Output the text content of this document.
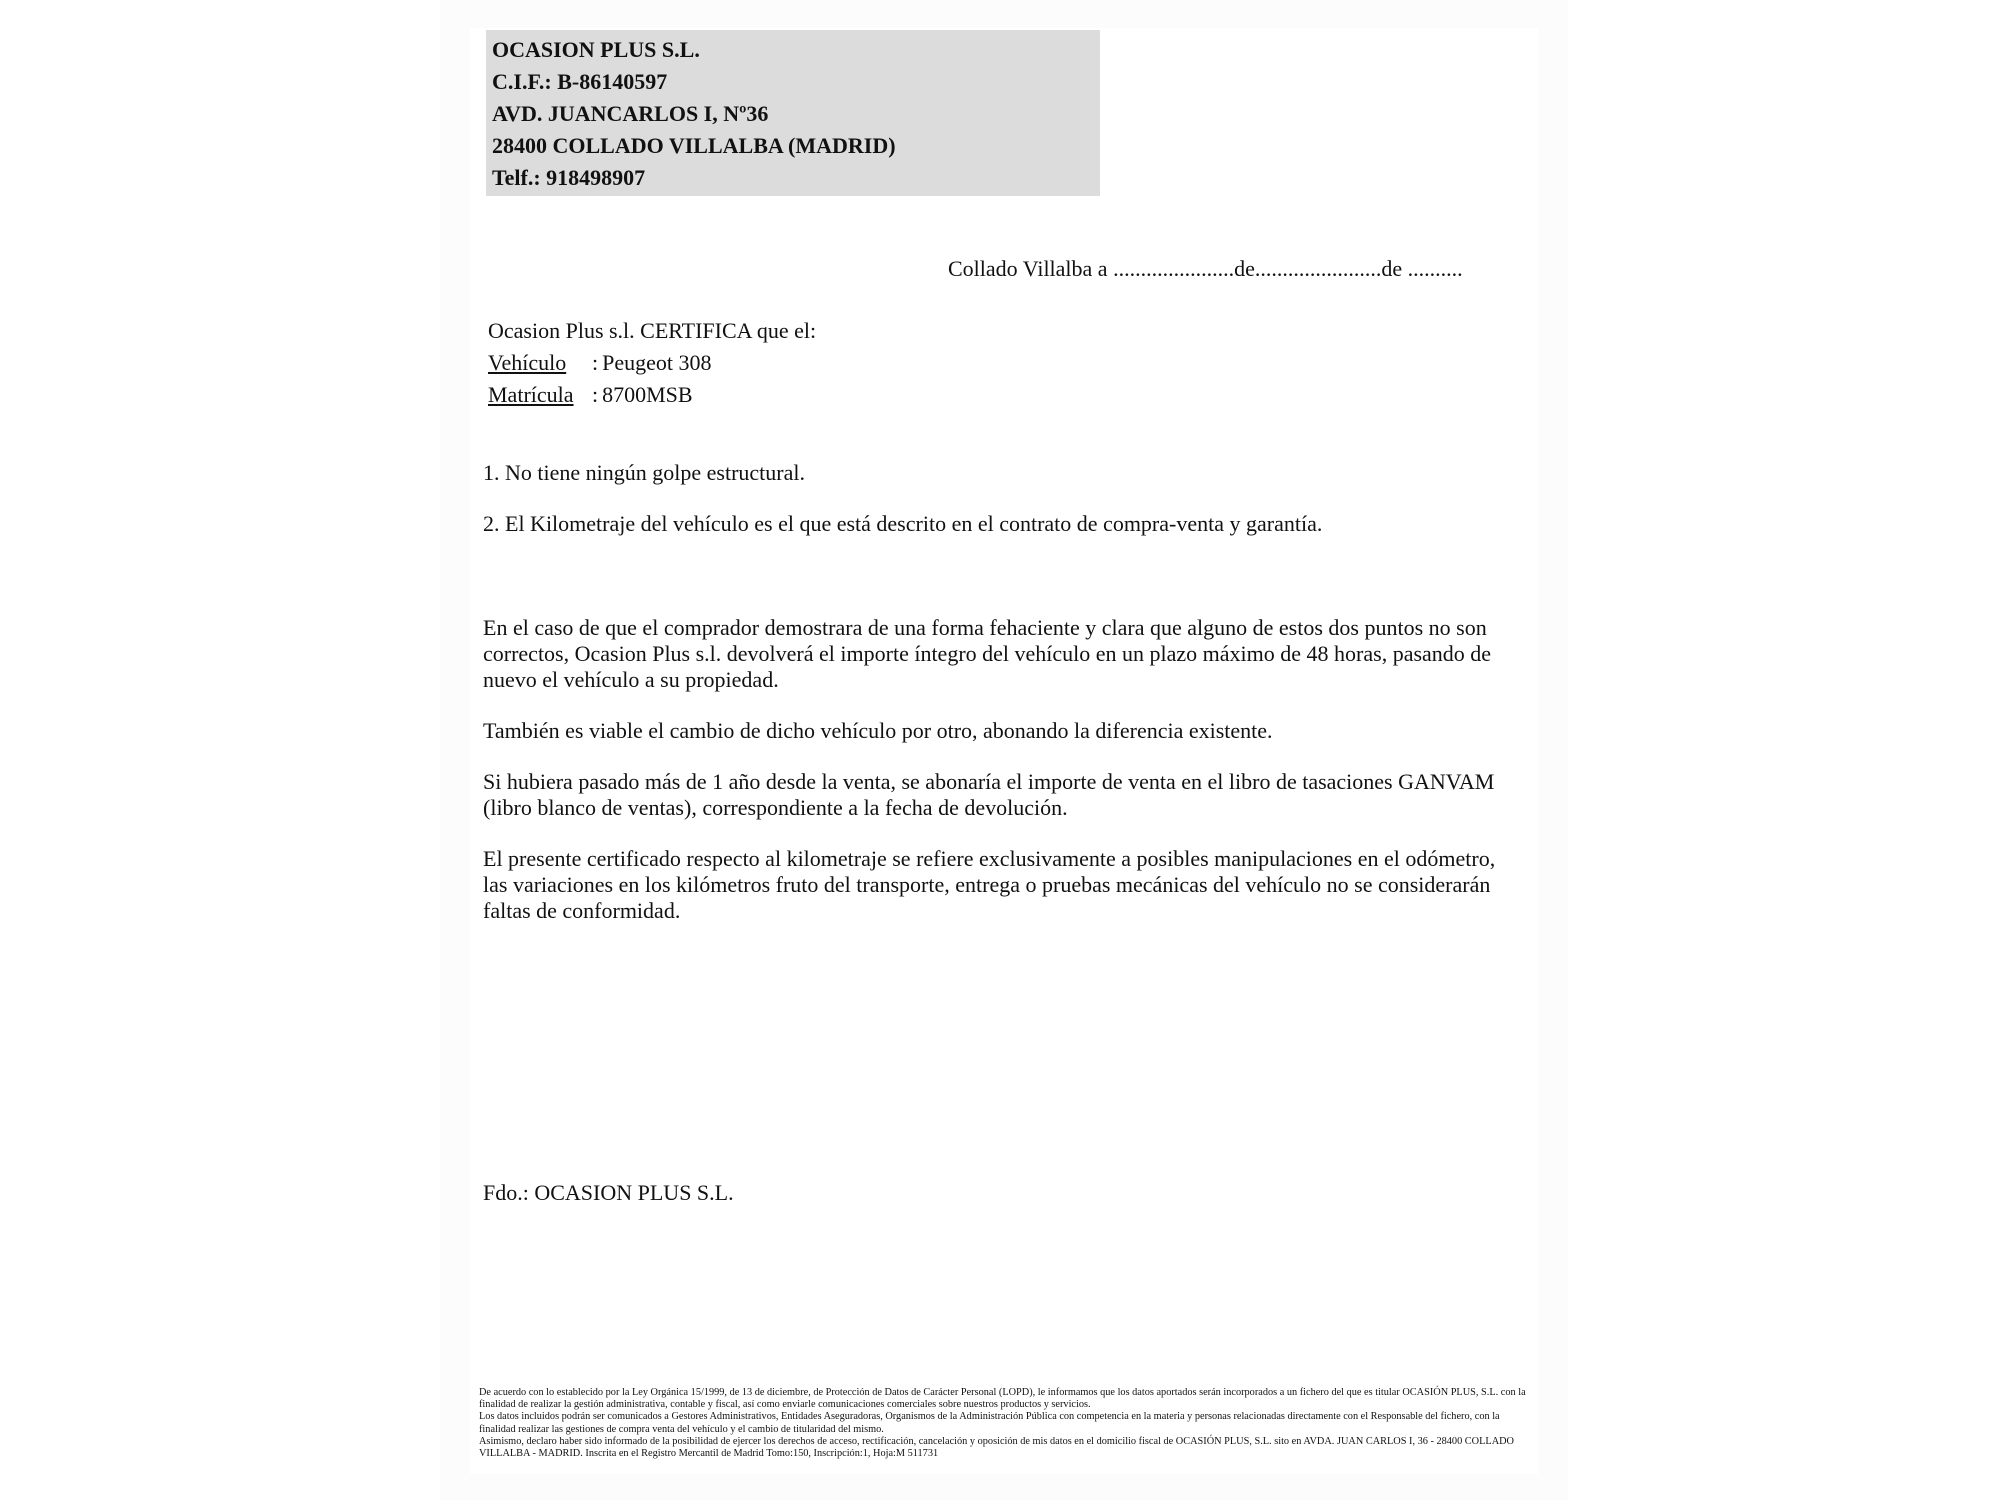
OCASION PLUS S.L.
C.I.F.: B-86140597
AVD. JUANCARLOS I, Nº36
28400 COLLADO VILLALBA (MADRID)
Telf.: 918498907
Collado Villalba a ......................de.......................de ..........
Ocasion Plus s.l. CERTIFICA que el:
Vehículo	: Peugeot 308
Matrícula : 8700MSB

1. No tiene ningún golpe estructural.

2. El Kilometraje del vehículo es el que está descrito en el contrato de compra-venta y garantía.

En el caso de que el comprador demostrara de una forma fehaciente y clara que alguno de estos dos puntos no son correctos, Ocasion Plus s.l. devolverá el importe íntegro del vehículo en un plazo máximo de 48 horas, pasando de nuevo el vehículo a su propiedad.

También es viable el cambio de dicho vehículo por otro, abonando la diferencia existente.

Si hubiera pasado más de 1 año desde la venta, se abonaría el importe de venta en el libro de tasaciones GANVAM (libro blanco de ventas), correspondiente a la fecha de devolución.

El presente certificado respecto al kilometraje se refiere exclusivamente a posibles manipulaciones en el odómetro, las variaciones en los kilómetros fruto del transporte, entrega o pruebas mecánicas del vehículo no se considerarán faltas de conformidad.

Fdo.: OCASION PLUS S.L.

De acuerdo con lo establecido por la Ley Orgánica 15/1999, de 13 de diciembre, de Protección de Datos de Carácter Personal (LOPD), le informamos que los datos aportados serán incorporados a un fichero del que es titular OCASIÓN PLUS, S.L. con la finalidad de realizar la gestión administrativa, contable y fiscal, así como enviarle comunicaciones comerciales sobre nuestros productos y servicios.

Los datos incluidos podrán ser comunicados a Gestores Administrativos, Entidades Aseguradoras, Organismos de la Administración Pública con competencia en la materia y personas relacionadas directamente con el Responsable del fichero, con la finalidad realizar las gestiones de compra venta del vehículo y el cambio de titularidad del mismo.

Asimismo, declaro haber sido informado de la posibilidad de ejercer los derechos de acceso, rectificación, cancelación y oposición de mis datos en el domicilio fiscal de OCASIÓN PLUS, S.L. sito en AVDA. JUAN CARLOS I, 36 - 28400 COLLADO VILLALBA - MADRID. Inscrita en el Registro Mercantil de Madrid Tomo:150, Inscripción:1, Hoja:M 511731
